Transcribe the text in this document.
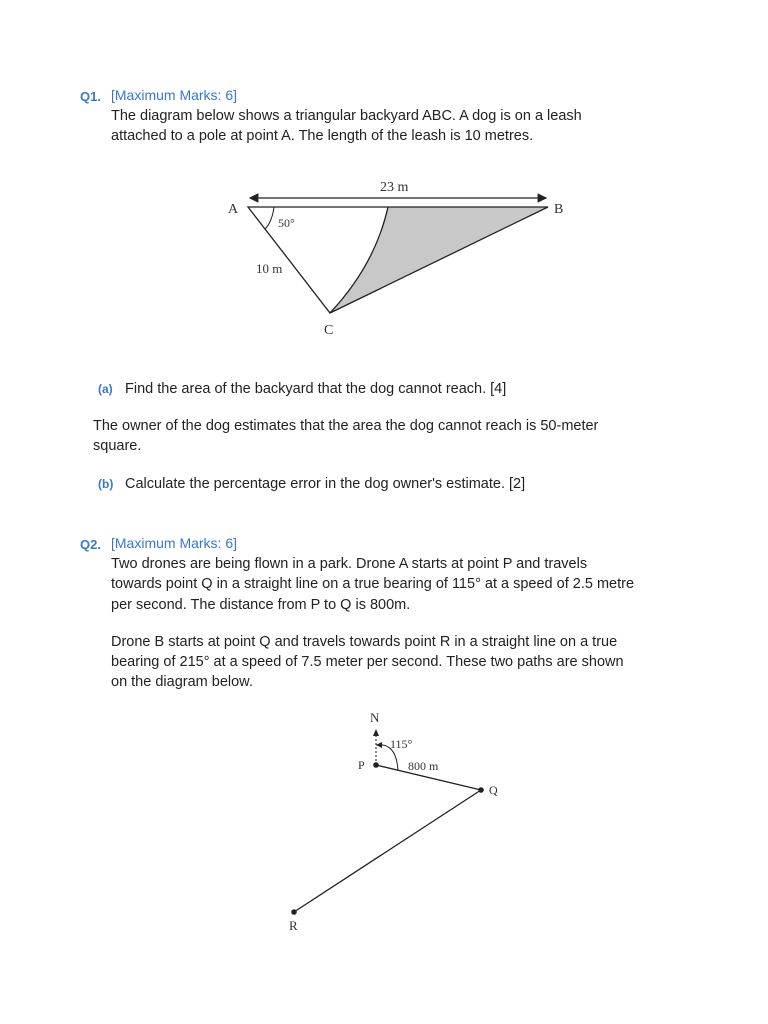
Q1. [Maximum Marks: 6]
The diagram below shows a triangular backyard ABC. A dog is on a leash
attached to a pole at point A. The length of the leash is 10 metres.
A	B
C
23 m
50°
10 m
(a) Find the area of the backyard that the dog cannot reach. [4]
The owner of the dog estimates that the area the dog cannot reach is 50-meter
square.
(b) Calculate the percentage error in the dog owner's estimate. [2]
Q2. [Maximum Marks: 6]
Two drones are being flown in a park. Drone A starts at point P and travels
towards point Q in a straight line on a true bearing of 115° at a speed of 2.5 metre
per second. The distance from P to Q is 800m.
Drone B starts at point Q and travels towards point R in a straight line on a true
bearing of 215° at a speed of 7.5 meter per second. These two paths are shown
on the diagram below.
N
P
Q
R
115°
800 m
